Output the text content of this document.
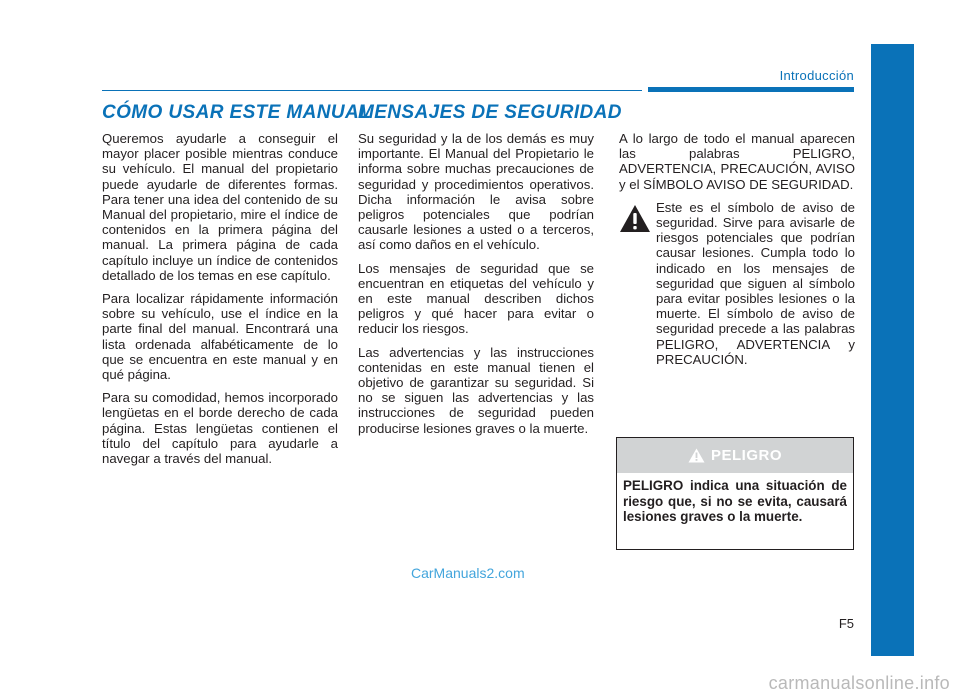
Introducción
CÓMO USAR ESTE MANUAL
MENSAJES DE SEGURIDAD

Queremos ayudarle a conseguir el mayor placer posible mientras conduce su vehículo. El manual del propietario puede ayudarle de diferentes formas. Para tener una idea del contenido de su Manual del propietario, mire el índice de contenidos en la primera página del manual. La primera página de cada capítulo incluye un índice de contenidos detallado de los temas en ese capítulo.

Para localizar rápidamente información sobre su vehículo, use el índice en la parte final del manual. Encontrará una lista ordenada alfabéticamente de lo que se encuentra en este manual y en qué página.

Para su comodidad, hemos incorporado lengüetas en el borde derecho de cada página. Estas lengüetas contienen el título del capítulo para ayudarle a navegar a través del manual.

Su seguridad y la de los demás es muy importante. El Manual del Propietario le informa sobre muchas precauciones de seguridad y procedimientos operativos. Dicha información le avisa sobre peligros potenciales que podrían causarle lesiones a usted o a terceros, así como daños en el vehículo.

Los mensajes de seguridad que se encuentran en etiquetas del vehículo y en este manual describen dichos peligros y qué hacer para evitar o reducir los riesgos.

Las advertencias y las instrucciones contenidas en este manual tienen el objetivo de garantizar su seguridad. Si no se siguen las advertencias y las instrucciones de seguridad pueden producirse lesiones graves o la muerte.

A lo largo de todo el manual aparecen las palabras PELIGRO, ADVERTENCIA, PRECAUCIÓN, AVISO y el SÍMBOLO AVISO DE SEGURIDAD.

Este es el símbolo de aviso de seguridad. Sirve para avisarle de riesgos potenciales que podrían causar lesiones. Cumpla todo lo indicado en los mensajes de seguridad que siguen al símbolo para evitar posibles lesiones o la muerte. El símbolo de aviso de seguridad precede a las palabras PELIGRO, ADVERTENCIA y PRECAUCIÓN.
PELIGRO
PELIGRO indica una situación de riesgo que, si no se evita, causará lesiones graves o la muerte.
CarManuals2.com
F5
carmanualsonline.info
